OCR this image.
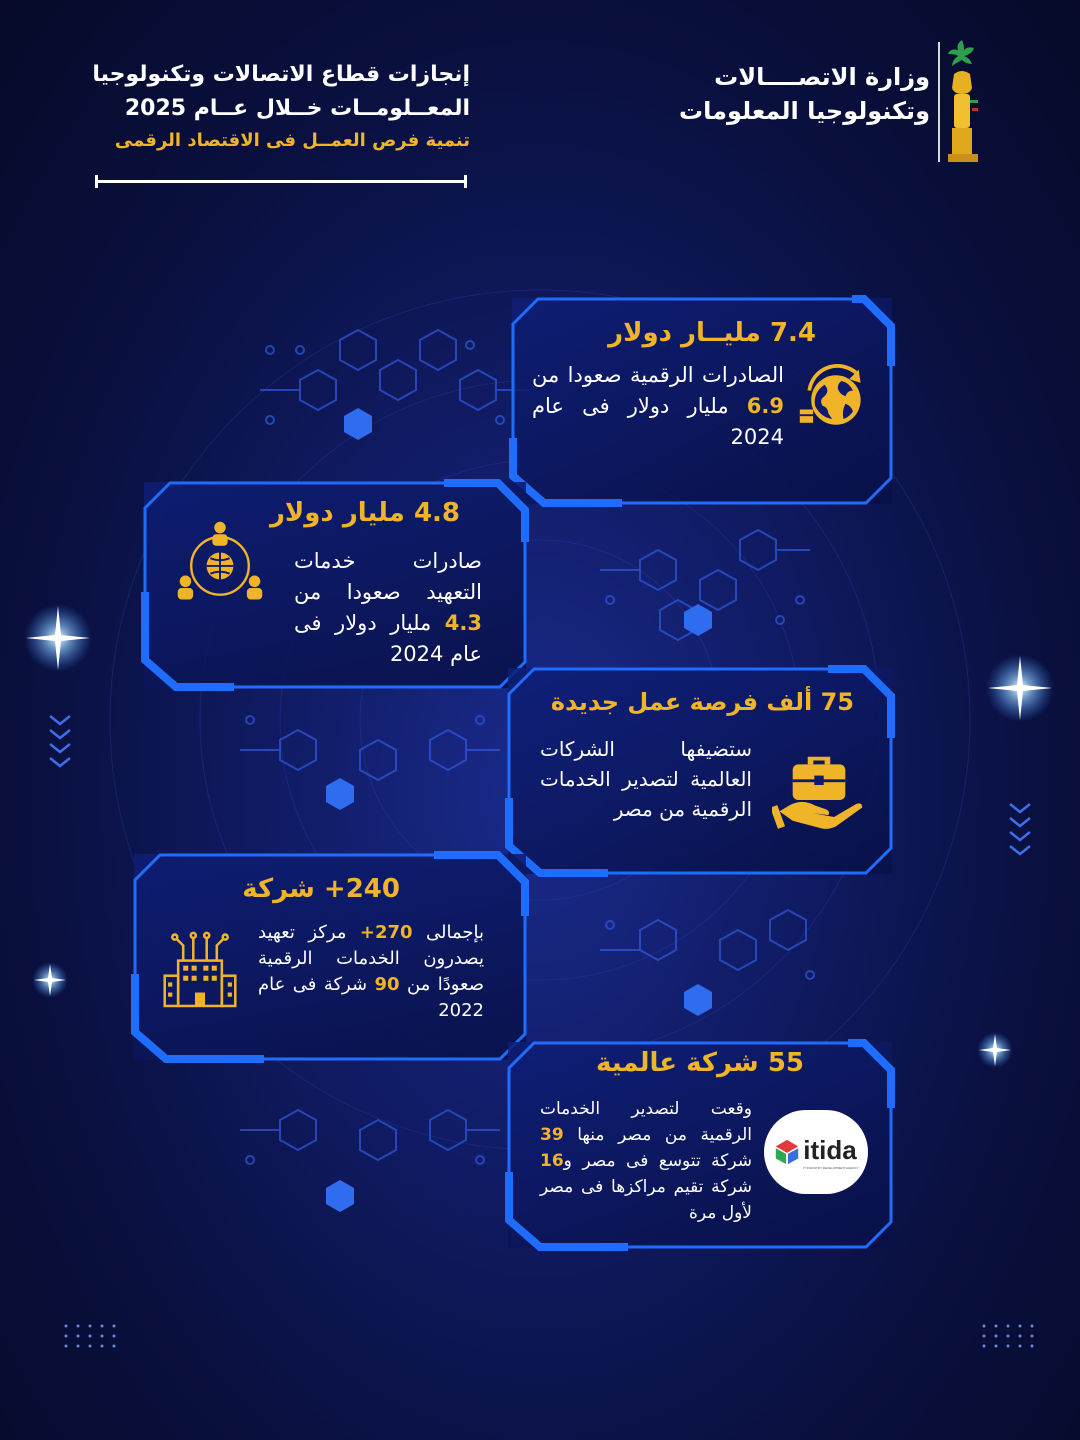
إنجازات قطاع الاتصالات وتكنولوجيا
المعــلومــات خــلال عــام 2025
تنمية فرص العمــل فى الاقتصاد الرقمى
وزارة الاتصــــالات
وتكنولوجيا المعلومات
7.4 مليــار دولار
الصادرات الرقمية صعودا من 6.9 مليار دولار فى عام 2024
4.8 مليار دولار
صادرات خدمات التعهيد صعودا من 4.3 مليار دولار فى عام 2024
75 ألف فرصة عمل جديدة
ستضيفها الشركات العالمية لتصدير الخدمات الرقمية من مصر
240+ شركة
بإجمالى 270+ مركز تعهيد يصدرون الخدمات الرقمية صعودًا من 90 شركة فى عام 2022
55 شركة عالمية
وقعت لتصدير الخدمات الرقمية من مصر منها 39 شركة تتوسع فى مصر و16 شركة تقيم مراكزها فى مصر لأول مرة
itida
IT INDUSTRY DEVELOPMENT AGENCY
